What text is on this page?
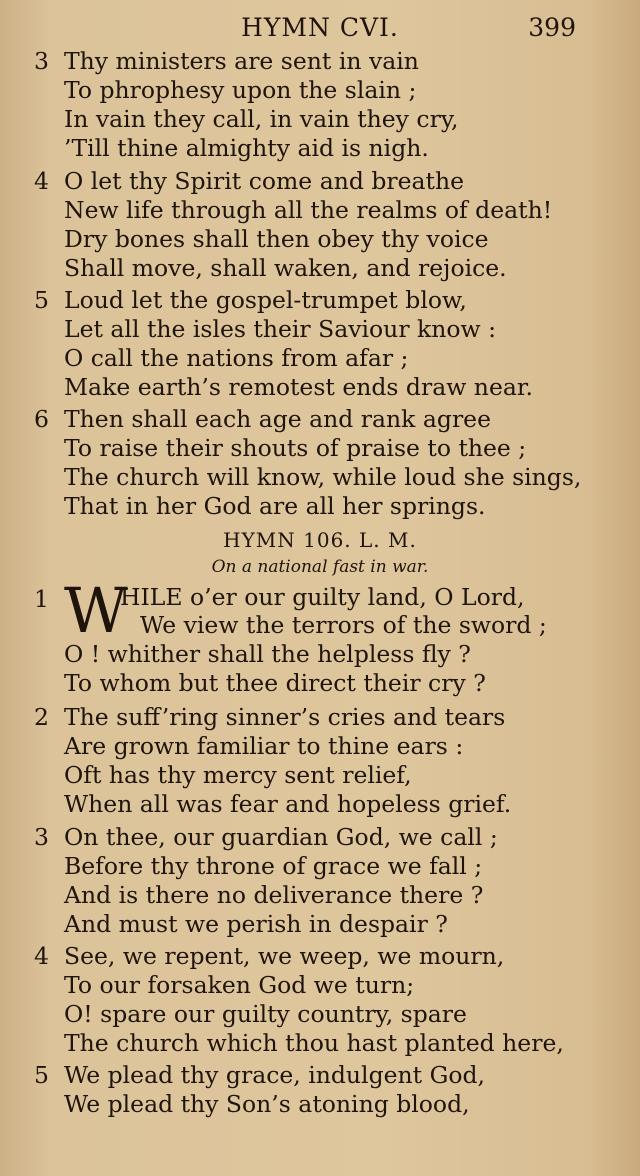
HYMN CVI.	399
3 Thy ministers are sent in vain
To phrophesy upon the slain ;
In vain they call, in vain they cry,
’Till thine almighty aid is nigh.
4 O let thy Spirit come and breathe
New life through all the realms of death!
Dry bones shall then obey thy voice
Shall move, shall waken, and rejoice.
5 Loud let the gospel-trumpet blow,
Let all the isles their Saviour know :
O call the nations from afar ;
Make earth’s remotest ends draw near.
6 Then shall each age and rank agree
To raise their shouts of praise to thee ;
The church will know, while loud she sings,
That in her God are all her springs.
HYMN 106. L. M.
On a national fast in war.
1 W
HILE o’er our guilty land, O Lord,
We view the terrors of the sword ;
O ! whither shall the helpless fly ?
To whom but thee direct their cry ?
2 The suff’ring sinner’s cries and tears
Are grown familiar to thine ears :
Oft has thy mercy sent relief,
When all was fear and hopeless grief.
3 On thee, our guardian God, we call ;
Before thy throne of grace we fall ;
And is there no deliverance there ?
And must we perish in despair ?
4 See, we repent, we weep, we mourn,
To our forsaken God we turn;
O! spare our guilty country, spare
The church which thou hast planted here,
5 We plead thy grace, indulgent God,
We plead thy Son’s atoning blood,
